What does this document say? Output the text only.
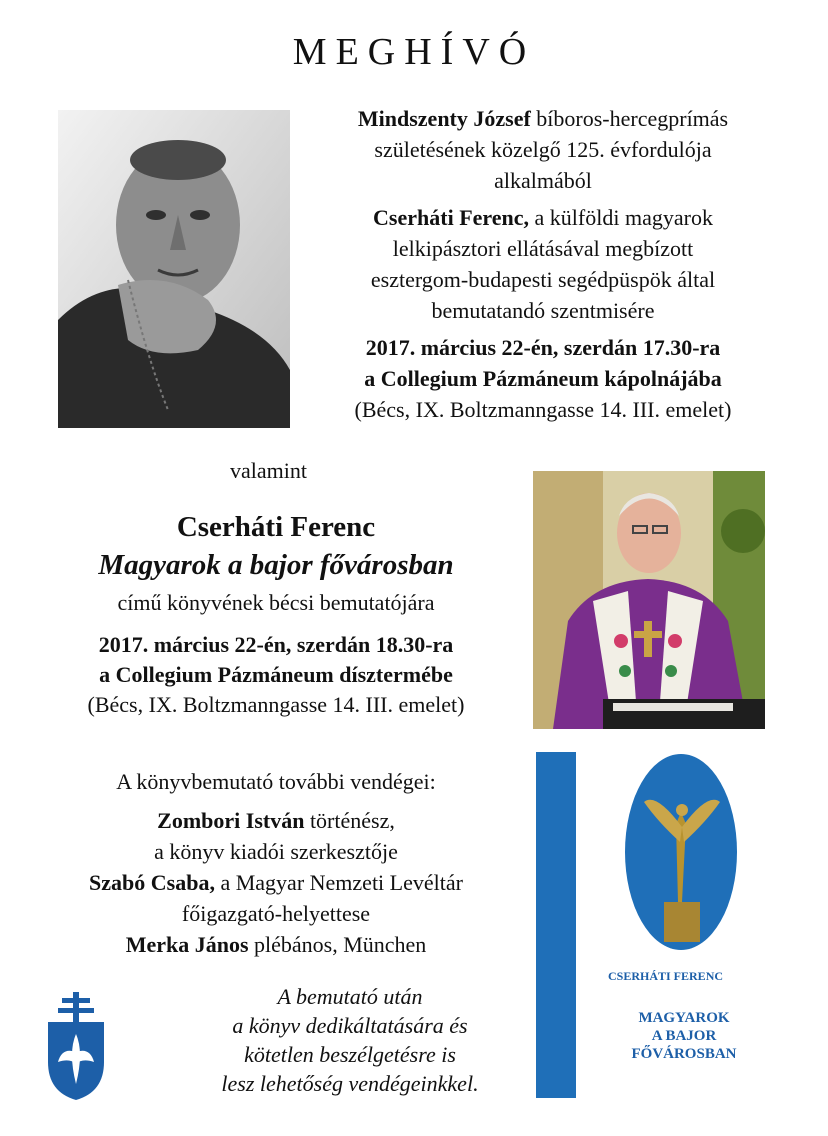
MEGHÍVÓ
Mindszenty József bíboros-hercegprímás
születésének közelgő 125. évfordulója
alkalmából
Cserháti Ferenc, a külföldi magyarok
lelkipásztori ellátásával megbízott
esztergom-budapesti segédpüspök által
bemutatandó szentmisére
2017. március 22-én, szerdán 17.30-ra
a Collegium Pázmáneum kápolnájába
(Bécs, IX. Boltzmanngasse 14. III. emelet)
valamint
Cserháti Ferenc
Magyarok a bajor fővárosban
című könyvének bécsi bemutatójára
2017. március 22-én, szerdán 18.30-ra
a Collegium Pázmáneum dísztermébe
(Bécs, IX. Boltzmanngasse 14. III. emelet)
A könyvbemutató további vendégei:
Zombori István történész,
a könyv kiadói szerkesztője
Szabó Csaba, a Magyar Nemzeti Levéltár
főigazgató-helyettese
Merka János plébános, München
A bemutató után
a könyv dedikáltatására és
kötetlen beszélgetésre is
lesz lehetőség vendégeinkkel.
CSERHÁTI FERENC
MAGYAROK
A BAJOR
FŐVÁROSBAN
